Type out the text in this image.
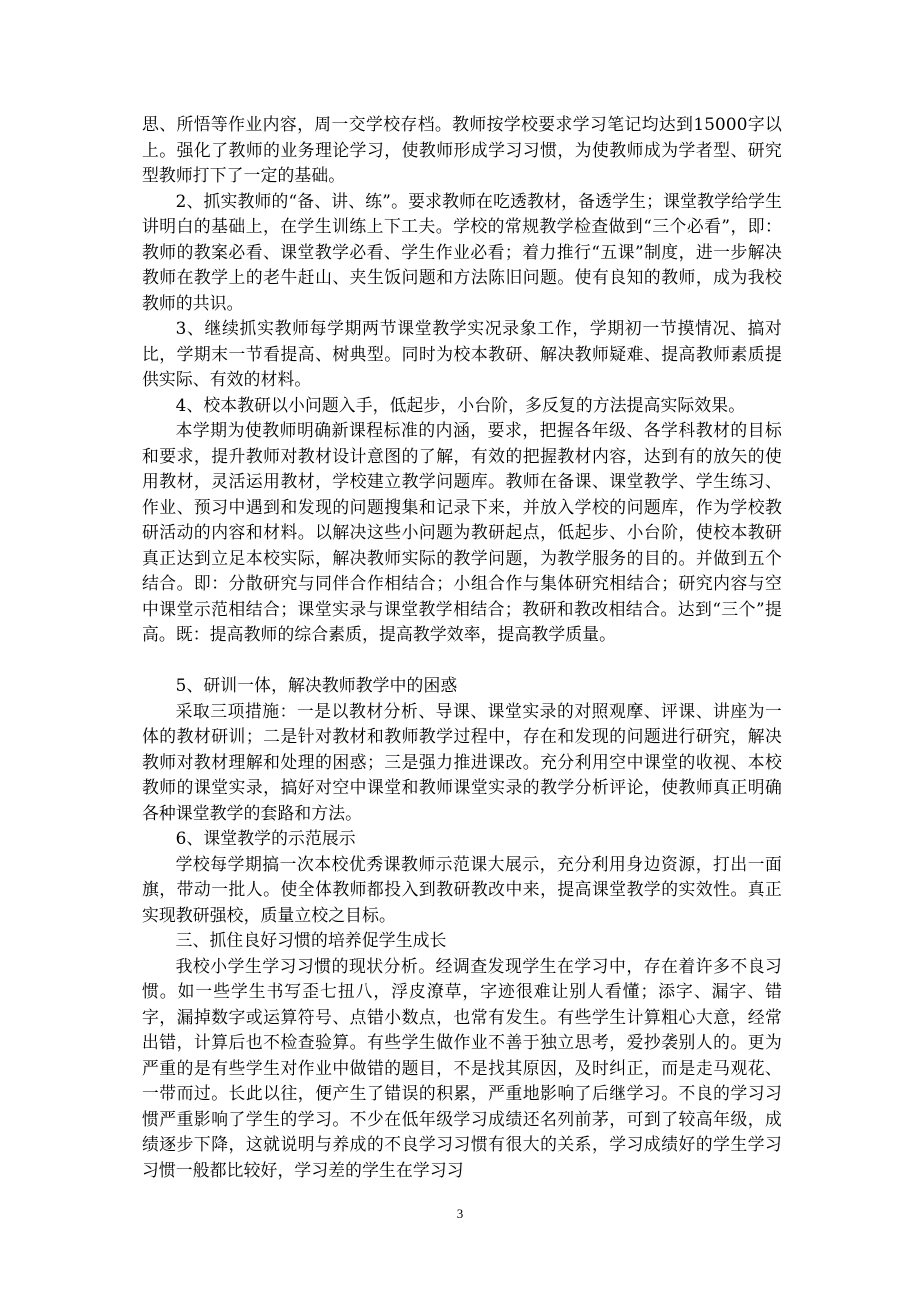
思、所悟等作业内容，周一交学校存档。教师按学校要求学习笔记均达到15000字以上。强化了教师的业务理论学习，使教师形成学习习惯，为使教师成为学者型、研究型教师打下了一定的基础。

2、抓实教师的“备、讲、练”。要求教师在吃透教材，备透学生；课堂教学给学生讲明白的基础上，在学生训练上下工夫。学校的常规教学检查做到“三个必看”，即：教师的教案必看、课堂教学必看、学生作业必看；着力推行“五课”制度，进一步解决教师在教学上的老牛赶山、夹生饭问题和方法陈旧问题。使有良知的教师，成为我校教师的共识。

3、继续抓实教师每学期两节课堂教学实况录象工作，学期初一节摸情况、搞对比，学期末一节看提高、树典型。同时为校本教研、解决教师疑难、提高教师素质提供实际、有效的材料。

4、校本教研以小问题入手，低起步，小台阶，多反复的方法提高实际效果。

本学期为使教师明确新课程标准的内涵，要求，把握各年级、各学科教材的目标和要求，提升教师对教材设计意图的了解，有效的把握教材内容，达到有的放矢的使用教材，灵活运用教材，学校建立教学问题库。教师在备课、课堂教学、学生练习、作业、预习中遇到和发现的问题搜集和记录下来，并放入学校的问题库，作为学校教研活动的内容和材料。以解决这些小问题为教研起点，低起步、小台阶，使校本教研真正达到立足本校实际，解决教师实际的教学问题，为教学服务的目的。并做到五个结合。即：分散研究与同伴合作相结合；小组合作与集体研究相结合；研究内容与空中课堂示范相结合；课堂实录与课堂教学相结合；教研和教改相结合。达到“三个”提高。既：提高教师的综合素质，提高教学效率，提高教学质量。

5、研训一体，解决教师教学中的困惑

采取三项措施：一是以教材分析、导课、课堂实录的对照观摩、评课、讲座为一体的教材研训；二是针对教材和教师教学过程中，存在和发现的问题进行研究，解决教师对教材理解和处理的困惑；三是强力推进课改。充分利用空中课堂的收视、本校教师的课堂实录，搞好对空中课堂和教师课堂实录的教学分析评论，使教师真正明确各种课堂教学的套路和方法。

6、课堂教学的示范展示

学校每学期搞一次本校优秀课教师示范课大展示，充分利用身边资源，打出一面旗，带动一批人。使全体教师都投入到教研教改中来，提高课堂教学的实效性。真正实现教研强校，质量立校之目标。

三、抓住良好习惯的培养促学生成长

我校小学生学习习惯的现状分析。经调查发现学生在学习中，存在着许多不良习惯。如一些学生书写歪七扭八，浮皮潦草，字迹很难让别人看懂；添字、漏字、错字，漏掉数字或运算符号、点错小数点，也常有发生。有些学生计算粗心大意，经常出错，计算后也不检查验算。有些学生做作业不善于独立思考，爱抄袭别人的。更为严重的是有些学生对作业中做错的题目，不是找其原因，及时纠正，而是走马观花、一带而过。长此以往，便产生了错误的积累，严重地影响了后继学习。不良的学习习惯严重影响了学生的学习。不少在低年级学习成绩还名列前茅，可到了较高年级，成绩逐步下降，这就说明与养成的不良学习习惯有很大的关系，学习成绩好的学生学习习惯一般都比较好，学习差的学生在学习习

3
